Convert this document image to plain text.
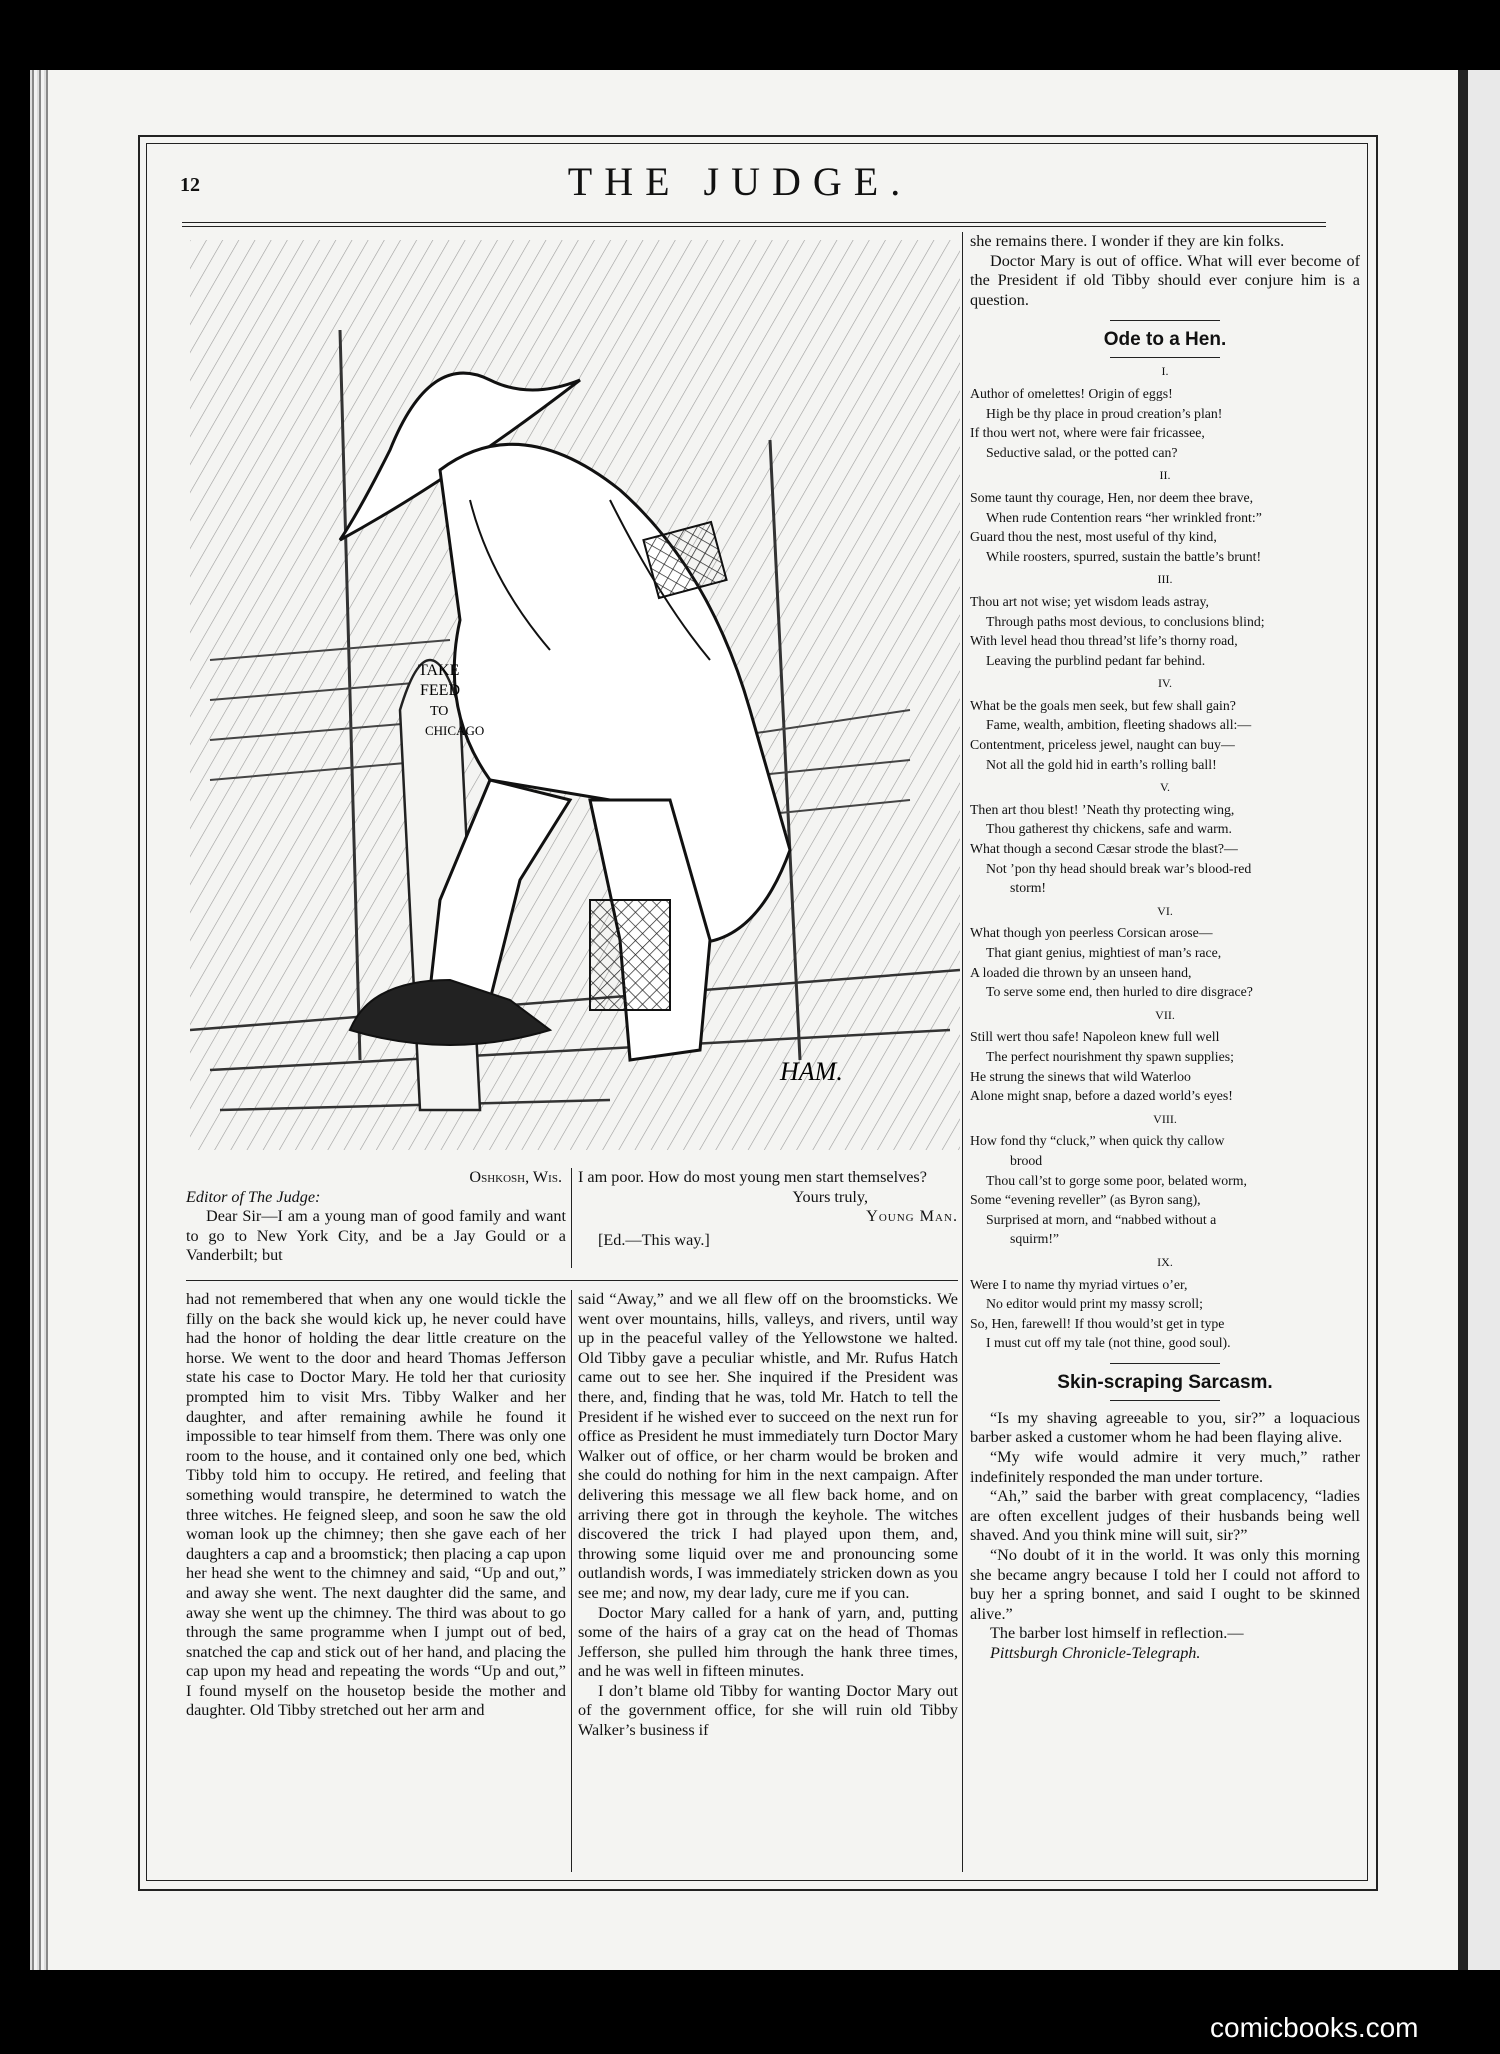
12	THE JUDGE.
TAKE
FEED
TO
CHICAGO
HAM.
Oshkosh, Wis.
Editor of The Judge:
Dear Sir—I am a young man of good family and want to go to New York City, and be a Jay Gould or a Vanderbilt; but
I am poor. How do most young men start themselves?
Yours truly,
Young Man.
[Ed.—This way.]

had not remembered that when any one would tickle the filly on the back she would kick up, he never could have had the honor of holding the dear little creature on the horse. We went to the door and heard Thomas Jefferson state his case to Doctor Mary. He told her that curiosity prompted him to visit Mrs. Tibby Walker and her daughter, and after remaining awhile he found it impossible to tear himself from them. There was only one room to the house, and it contained only one bed, which Tibby told him to occupy. He retired, and feeling that something would transpire, he determined to watch the three witches. He feigned sleep, and soon he saw the old woman look up the chimney; then she gave each of her daughters a cap and a broomstick; then placing a cap upon her head she went to the chimney and said, “Up and out,” and away she went. The next daughter did the same, and away she went up the chimney. The third was about to go through the same programme when I jumpt out of bed, snatched the cap and stick out of her hand, and placing the cap upon my head and repeating the words “Up and out,” I found myself on the housetop beside the mother and daughter. Old Tibby stretched out her arm and

said “Away,” and we all flew off on the broomsticks. We went over mountains, hills, valleys, and rivers, until way up in the peaceful valley of the Yellowstone we halted. Old Tibby gave a peculiar whistle, and Mr. Rufus Hatch came out to see her. She inquired if the President was there, and, finding that he was, told Mr. Hatch to tell the President if he wished ever to succeed on the next run for office as President he must immediately turn Doctor Mary Walker out of office, or her charm would be broken and she could do nothing for him in the next campaign. After delivering this message we all flew back home, and on arriving there got in through the keyhole. The witches discovered the trick I had played upon them, and, throwing some liquid over me and pronouncing some outlandish words, I was immediately stricken down as you see me; and now, my dear lady, cure me if you can.

Doctor Mary called for a hank of yarn, and, putting some of the hairs of a gray cat on the head of Thomas Jefferson, she pulled him through the hank three times, and he was well in fifteen minutes.

I don’t blame old Tibby for wanting Doctor Mary out of the government office, for she will ruin old Tibby Walker’s business if

she remains there. I wonder if they are kin folks.

Doctor Mary is out of office. What will ever become of the President if old Tibby should ever conjure him is a question.

Ode to a Hen.
I.
Author of omelettes! Origin of eggs!
High be thy place in proud creation’s plan!
If thou wert not, where were fair fricassee,
Seductive salad, or the potted can?
II.
Some taunt thy courage, Hen, nor deem thee brave,
When rude Contention rears “her wrinkled front:”
Guard thou the nest, most useful of thy kind,
While roosters, spurred, sustain the battle’s brunt!
III.
Thou art not wise; yet wisdom leads astray,
Through paths most devious, to conclusions blind;
With level head thou thread’st life’s thorny road,
Leaving the purblind pedant far behind.
IV.
What be the goals men seek, but few shall gain?
Fame, wealth, ambition, fleeting shadows all:—
Contentment, priceless jewel, naught can buy—
Not all the gold hid in earth’s rolling ball!
V.
Then art thou blest! ’Neath thy protecting wing,
Thou gatherest thy chickens, safe and warm.
What though a second Cæsar strode the blast?—
Not ’pon thy head should break war’s blood-red
storm!
VI.
What though yon peerless Corsican arose—
That giant genius, mightiest of man’s race,
A loaded die thrown by an unseen hand,
To serve some end, then hurled to dire disgrace?
VII.
Still wert thou safe! Napoleon knew full well
The perfect nourishment thy spawn supplies;
He strung the sinews that wild Waterloo
Alone might snap, before a dazed world’s eyes!
VIII.
How fond thy “cluck,” when quick thy callow
brood
Thou call’st to gorge some poor, belated worm,
Some “evening reveller” (as Byron sang),
Surprised at morn, and “nabbed without a
squirm!”
IX.
Were I to name thy myriad virtues o’er,
No editor would print my massy scroll;
So, Hen, farewell! If thou would’st get in type
I must cut off my tale (not thine, good soul).
Skin-scraping Sarcasm.

“Is my shaving agreeable to you, sir?” a loquacious barber asked a customer whom he had been flaying alive.

“My wife would admire it very much,” rather indefinitely responded the man under torture.

“Ah,” said the barber with great complacency, “ladies are often excellent judges of their husbands being well shaved. And you think mine will suit, sir?”

“No doubt of it in the world. It was only this morning she became angry because I told her I could not afford to buy her a spring bonnet, and said I ought to be skinned alive.”

The barber lost himself in reflection.—

Pittsburgh Chronicle-Telegraph.
comicbooks.com
